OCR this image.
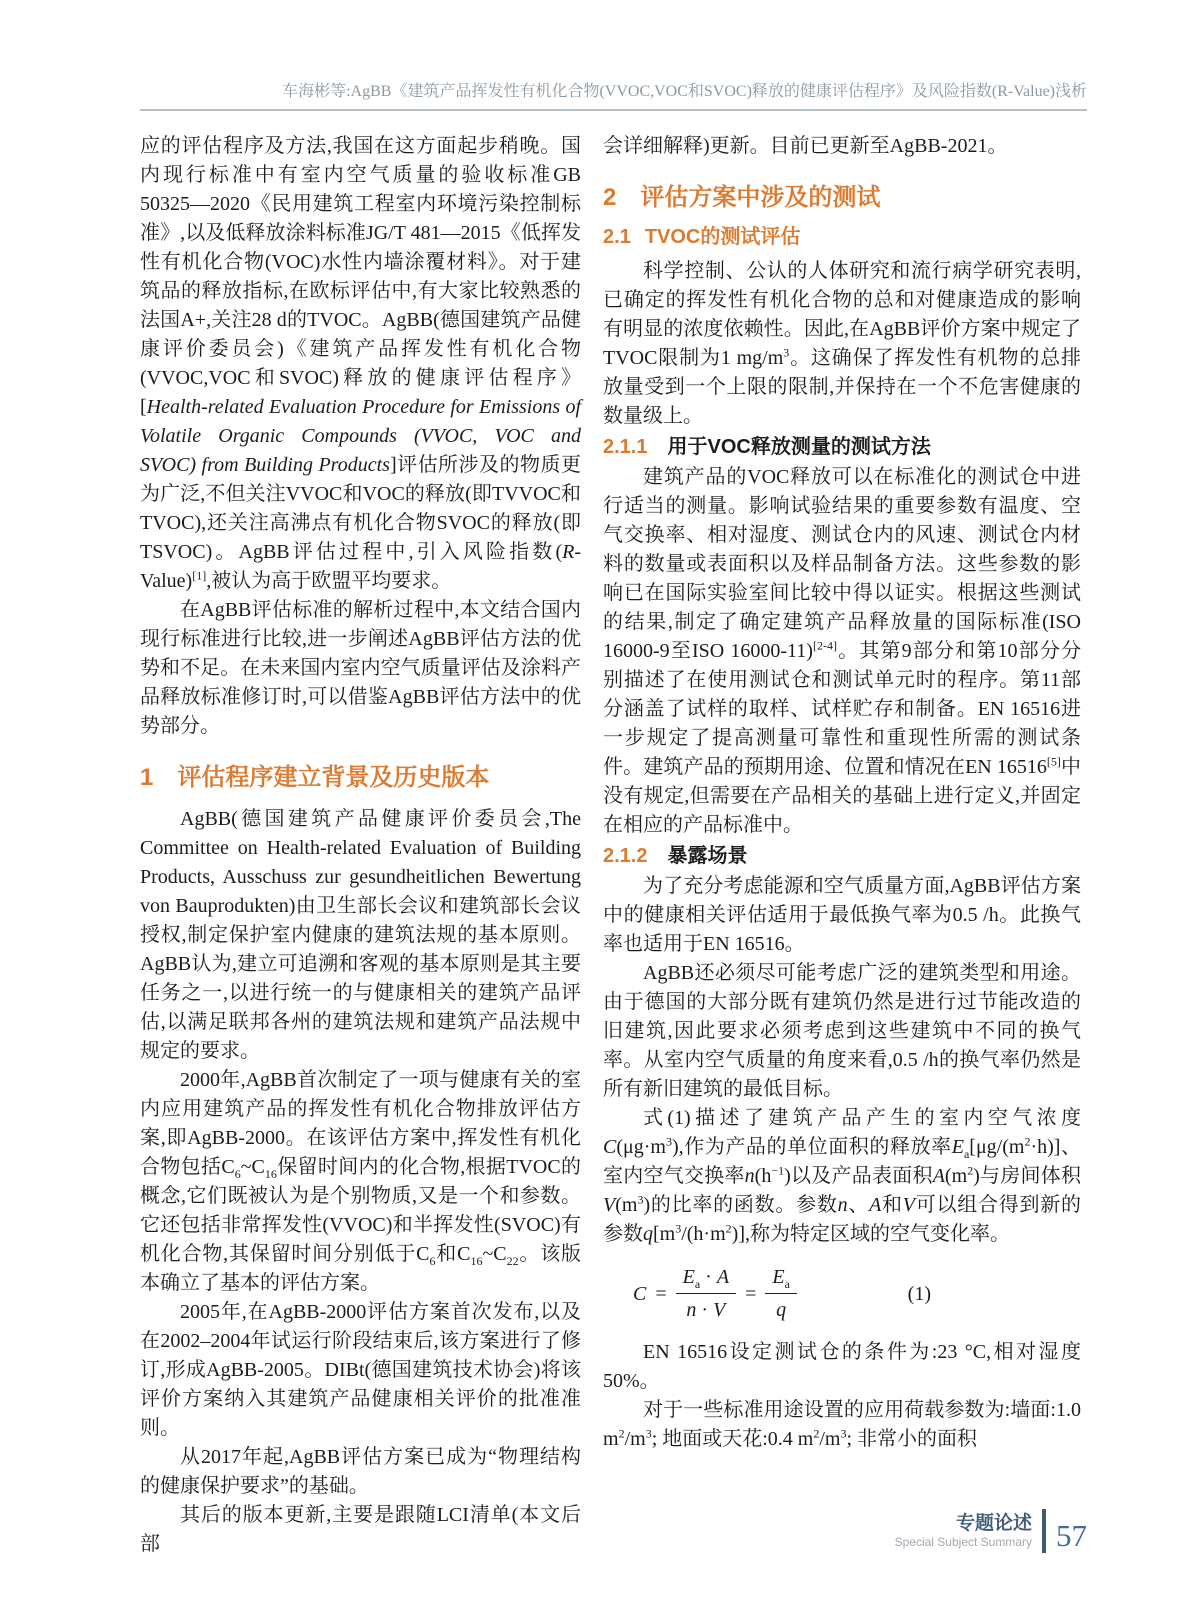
车海彬等:AgBB《建筑产品挥发性有机化合物(VVOC,VOC和SVOC)释放的健康评估程序》及风险指数(R-Value)浅析

应的评估程序及方法,我国在这方面起步稍晚。国内现行标准中有室内空气质量的验收标准GB 50325—2020《民用建筑工程室内环境污染控制标准》,以及低释放涂料标准JG/T 481—2015《低挥发性有机化合物(VOC)水性内墙涂覆材料》。对于建筑品的释放指标,在欧标评估中,有大家比较熟悉的法国A+,关注28 d的TVOC。AgBB(德国建筑产品健康评价委员会)《建筑产品挥发性有机化合物(VVOC,VOC和SVOC)释放的健康评估程序》[Health-related Evaluation Procedure for Emissions of Volatile Organic Compounds (VVOC, VOC and SVOC) from Building Products]评估所涉及的物质更为广泛,不但关注VVOC和VOC的释放(即TVVOC和TVOC),还关注高沸点有机化合物SVOC的释放(即TSVOC)。AgBB评估过程中,引入风险指数(R-Value)[1],被认为高于欧盟平均要求。

在AgBB评估标准的解析过程中,本文结合国内现行标准进行比较,进一步阐述AgBB评估方法的优势和不足。在未来国内室内空气质量评估及涂料产品释放标准修订时,可以借鉴AgBB评估方法中的优势部分。

1 评估程序建立背景及历史版本

AgBB(德国建筑产品健康评价委员会,The Committee on Health-related Evaluation of Building Products, Ausschuss zur gesundheitlichen Bewertung von Bauprodukten)由卫生部长会议和建筑部长会议授权,制定保护室内健康的建筑法规的基本原则。AgBB认为,建立可追溯和客观的基本原则是其主要任务之一,以进行统一的与健康相关的建筑产品评估,以满足联邦各州的建筑法规和建筑产品法规中规定的要求。

2000年,AgBB首次制定了一项与健康有关的室内应用建筑产品的挥发性有机化合物排放评估方案,即AgBB-2000。在该评估方案中,挥发性有机化合物包括$C_6\sim C_{16}$保留时间内的化合物,根据TVOC的概念,它们既被认为是个别物质,又是一个和参数。它还包括非常挥发性(VVOC)和半挥发性(SVOC)有机化合物,其保留时间分别低于$C_6$和$C_{16}\sim C_{22}$。该版本确立了基本的评估方案。

2005年,在AgBB-2000评估方案首次发布,以及在2002–2004年试运行阶段结束后,该方案进行了修订,形成AgBB-2005。DIBt(德国建筑技术协会)将该评价方案纳入其建筑产品健康相关评价的批准准则。

从2017年起,AgBB评估方案已成为“物理结构的健康保护要求”的基础。

其后的版本更新,主要是跟随LCI清单(本文后部

会详细解释)更新。目前已更新至AgBB-2021。

2 评估方案中涉及的测试
2.1 TVOC的测试评估

科学控制、公认的人体研究和流行病学研究表明,已确定的挥发性有机化合物的总和对健康造成的影响有明显的浓度依赖性。因此,在AgBB评价方案中规定了TVOC限制为1 $mg/m^3$。这确保了挥发性有机物的总排放量受到一个上限的限制,并保持在一个不危害健康的数量级上。

2.1.1 用于VOC释放测量的测试方法

建筑产品的VOC释放可以在标准化的测试仓中进行适当的测量。影响试验结果的重要参数有温度、空气交换率、相对湿度、测试仓内的风速、测试仓内材料的数量或表面积以及样品制备方法。这些参数的影响已在国际实验室间比较中得以证实。根据这些测试的结果,制定了确定建筑产品释放量的国际标准(ISO 16000-9至ISO 16000-11)[2-4]。其第9部分和第10部分分别描述了在使用测试仓和测试单元时的程序。第11部分涵盖了试样的取样、试样贮存和制备。EN 16516进一步规定了提高测量可靠性和重现性所需的测试条件。建筑产品的预期用途、位置和情况在EN 16516[5]中没有规定,但需要在产品相关的基础上进行定义,并固定在相应的产品标准中。

2.1.2 暴露场景

为了充分考虑能源和空气质量方面,AgBB评估方案中的健康相关评估适用于最低换气率为0.5 /h。此换气率也适用于EN 16516。

AgBB还必须尽可能考虑广泛的建筑类型和用途。由于德国的大部分既有建筑仍然是进行过节能改造的旧建筑,因此要求必须考虑到这些建筑中不同的换气率。从室内空气质量的角度来看,0.5 /h的换气率仍然是所有新旧建筑的最低目标。

式(1)描述了建筑产品产生的室内空气浓度$C(\mu g\cdot m^3)$,作为产品的单位面积的释放率$E_a[\mu g/(m^2\cdot h)]$、室内空气交换率$n(h^{-1})$以及产品表面积$A(m^2)$与房间体积$V(m^3)$的比率的函数。参数n、A和V可以组合得到新的参数$q[m^3/(h\cdot m^2)]$,称为特定区域的空气变化率。

$C = \frac{E_a \cdot A}{n \cdot V} = \frac{E_a}{q}$	(1)

EN 16516设定测试仓的条件为:23 °C,相对湿度50%。

对于一些标准用途设置的应用荷载参数为:墙面:1.0 $m^2/m^3$; 地面或天花:0.4 $m^2/m^3$; 非常小的面积

专题论述
Special Subject Summary 57
